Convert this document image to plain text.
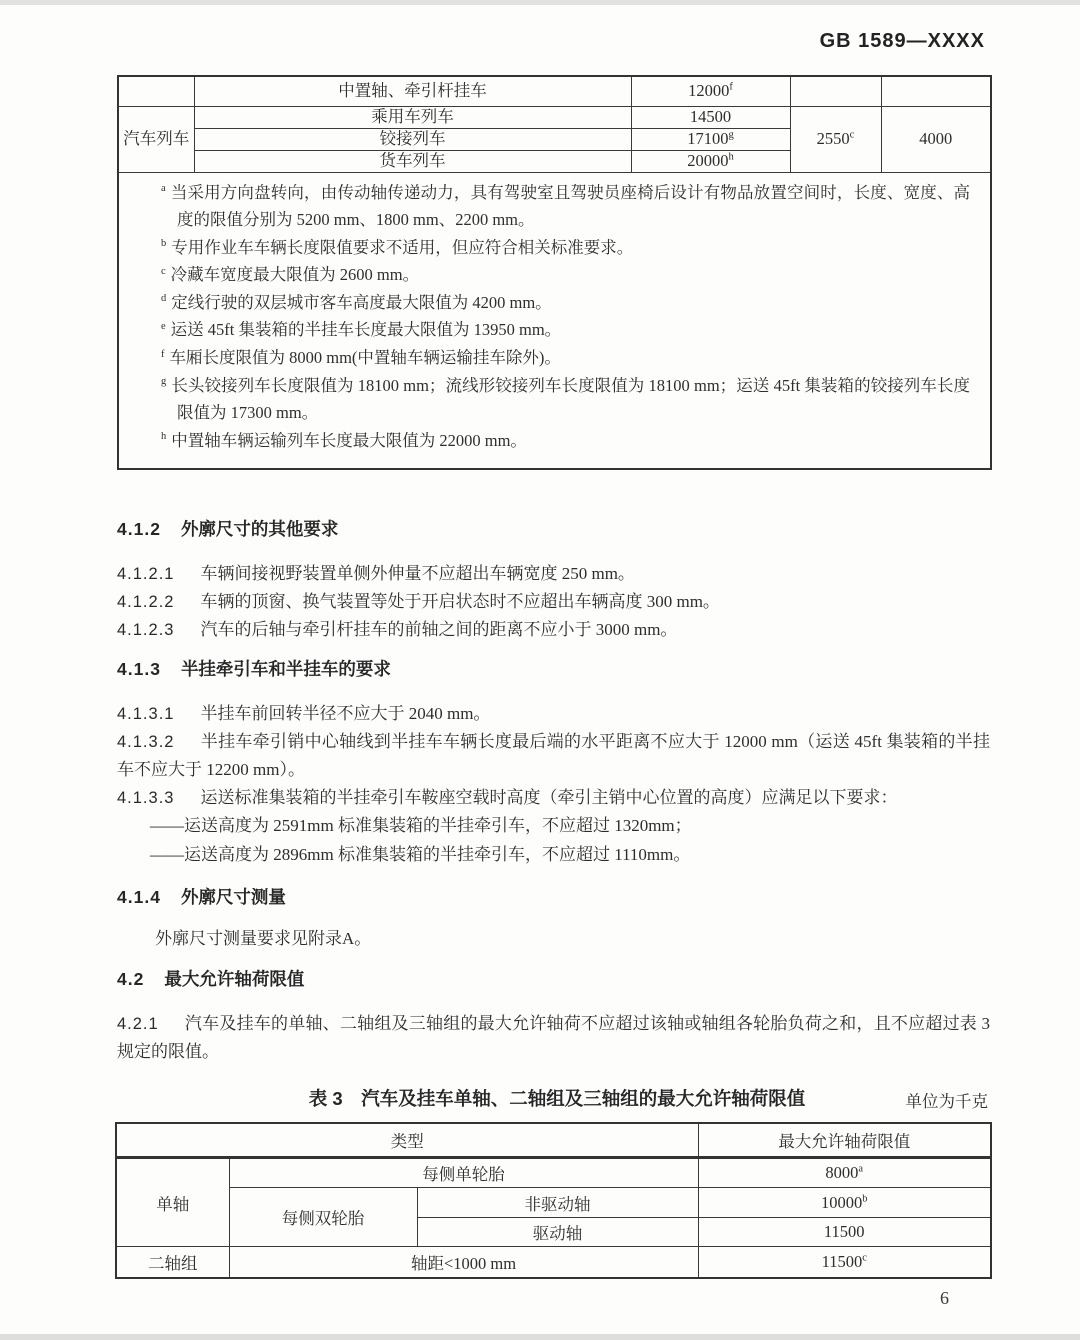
GB 1589—XXXX
	中置轴、牵引杆挂车	12000$^f$		
汽车列车	乘用车列车	14500	2550$^c$	4000
	铰接列车	17100$^g$
	货车列车	20000$^h$

$^a$ 当采用方向盘转向，由传动轴传递动力，具有驾驶室且驾驶员座椅后设计有物品放置空间时，长度、宽度、高度的限值分别为 5200 mm、1800 mm、2200 mm。
$^b$ 专用作业车车辆长度限值要求不适用，但应符合相关标准要求。
$^c$ 冷藏车宽度最大限值为 2600 mm。
$^d$ 定线行驶的双层城市客车高度最大限值为 4200 mm。
$^e$ 运送 45ft 集装箱的半挂车长度最大限值为 13950 mm。
$^f$ 车厢长度限值为 8000 mm(中置轴车辆运输挂车除外)。
$^g$ 长头铰接列车长度限值为 18100 mm；流线形铰接列车长度限值为 18100 mm；运送 45ft 集装箱的铰接列车长度限值为 17300 mm。
$^h$ 中置轴车辆运输列车长度最大限值为 22000 mm。
4.1.2 外廓尺寸的其他要求
4.1.2.1 车辆间接视野装置单侧外伸量不应超出车辆宽度 250 mm。
4.1.2.2 车辆的顶窗、换气装置等处于开启状态时不应超出车辆高度 300 mm。
4.1.2.3 汽车的后轴与牵引杆挂车的前轴之间的距离不应小于 3000 mm。
4.1.3 半挂牵引车和半挂车的要求
4.1.3.1 半挂车前回转半径不应大于 2040 mm。
4.1.3.2 半挂车牵引销中心轴线到半挂车车辆长度最后端的水平距离不应大于 12000 mm（运送 45ft 集装箱的半挂车不应大于 12200 mm）。
4.1.3.3 运送标准集装箱的半挂牵引车鞍座空载时高度（牵引主销中心位置的高度）应满足以下要求：
——运送高度为 2591mm 标准集装箱的半挂牵引车，不应超过 1320mm；
——运送高度为 2896mm 标准集装箱的半挂牵引车，不应超过 1110mm。
4.1.4 外廓尺寸测量
外廓尺寸测量要求见附录A。
4.2 最大允许轴荷限值
4.2.1 汽车及挂车的单轴、二轴组及三轴组的最大允许轴荷不应超过该轴或轴组各轮胎负荷之和，且不应超过表 3 规定的限值。
表 3　汽车及挂车单轴、二轴组及三轴组的最大允许轴荷限值	单位为千克
类型			最大允许轴荷限值
单轴	每侧单轮胎		8000$^a$
	每侧双轮胎	非驱动轴	10000$^b$
		驱动轴	11500
二轴组	轴距<1000 mm		11500$^c$
6
